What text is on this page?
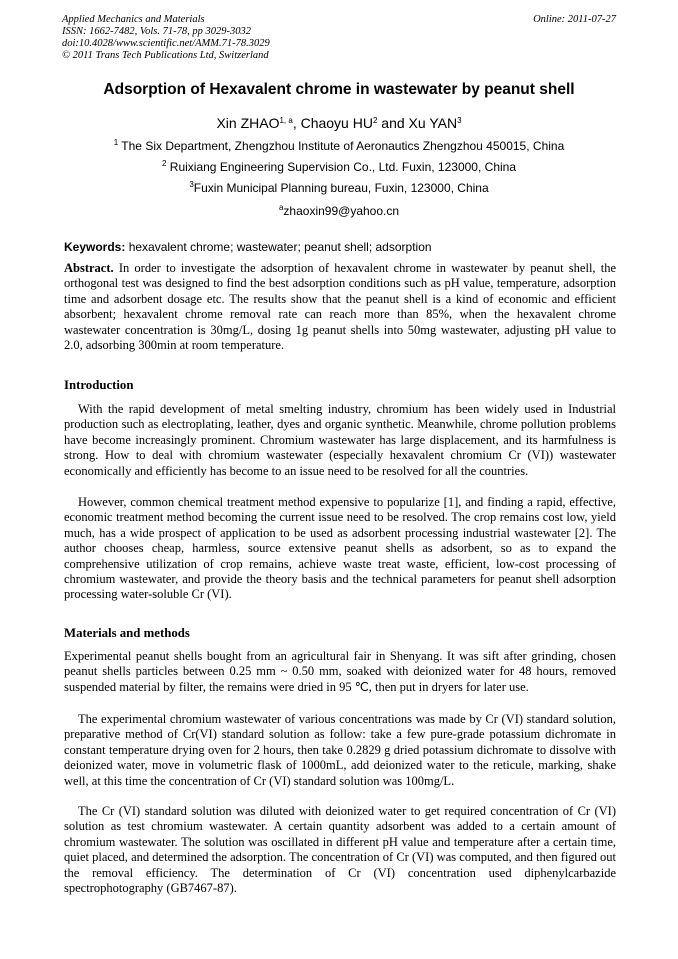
Applied Mechanics and Materials
ISSN: 1662-7482, Vols. 71-78, pp 3029-3032
doi:10.4028/www.scientific.net/AMM.71-78.3029
© 2011 Trans Tech Publications Ltd, Switzerland
Online: 2011-07-27
Adsorption of Hexavalent chrome in wastewater by peanut shell
Xin ZHAO$^{1, a}$, Chaoyu $HU^2$ and Xu YAN$^3$
$^1$ The Six Department, Zhengzhou Institute of Aeronautics Zhengzhou 450015, China
$^2$ Ruixiang Engineering Supervision Co., Ltd. Fuxin, 123000, China
$^3$Fuxin Municipal Planning bureau, Fuxin, 123000, China
$^a$zhaoxin99@yahoo.cn
Keywords: hexavalent chrome; wastewater; peanut shell; adsorption
Abstract. In order to investigate the adsorption of hexavalent chrome in wastewater by peanut shell, the orthogonal test was designed to find the best adsorption conditions such as pH value, temperature, adsorption time and adsorbent dosage etc. The results show that the peanut shell is a kind of economic and efficient absorbent; hexavalent chrome removal rate can reach more than 85%, when the hexavalent chrome wastewater concentration is 30mg/L, dosing 1g peanut shells into 50mg wastewater, adjusting pH value to 2.0, adsorbing 300min at room temperature.
Introduction
With the rapid development of metal smelting industry, chromium has been widely used in Industrial production such as electroplating, leather, dyes and organic synthetic. Meanwhile, chrome pollution problems have become increasingly prominent. Chromium wastewater has large displacement, and its harmfulness is strong. How to deal with chromium wastewater (especially hexavalent chromium Cr (VI)) wastewater economically and efficiently has become to an issue need to be resolved for all the countries.
However, common chemical treatment method expensive to popularize [1], and finding a rapid, effective, economic treatment method becoming the current issue need to be resolved. The crop remains cost low, yield much, has a wide prospect of application to be used as adsorbent processing industrial wastewater [2]. The author chooses cheap, harmless, source extensive peanut shells as adsorbent, so as to expand the comprehensive utilization of crop remains, achieve waste treat waste, efficient, low-cost processing of chromium wastewater, and provide the theory basis and the technical parameters for peanut shell adsorption processing water-soluble Cr (VI).
Materials and methods
Experimental peanut shells bought from an agricultural fair in Shenyang. It was sift after grinding, chosen peanut shells particles between 0.25 mm ~ 0.50 mm, soaked with deionized water for 48 hours, removed suspended material by filter, the remains were dried in 95 ℃, then put in dryers for later use.
The experimental chromium wastewater of various concentrations was made by Cr (VI) standard solution, preparative method of Cr(VI) standard solution as follow: take a few pure-grade potassium dichromate in constant temperature drying oven for 2 hours, then take 0.2829 g dried potassium dichromate to dissolve with deionized water, move in volumetric flask of 1000mL, add deionized water to the reticule, marking, shake well, at this time the concentration of Cr (VI) standard solution was 100mg/L.
The Cr (VI) standard solution was diluted with deionized water to get required concentration of Cr (VI) solution as test chromium wastewater. A certain quantity adsorbent was added to a certain amount of chromium wastewater. The solution was oscillated in different pH value and temperature after a certain time, quiet placed, and determined the adsorption. The concentration of Cr (VI) was computed, and then figured out the removal efficiency. The determination of Cr (VI) concentration used diphenylcarbazide spectrophotography (GB7467-87).
